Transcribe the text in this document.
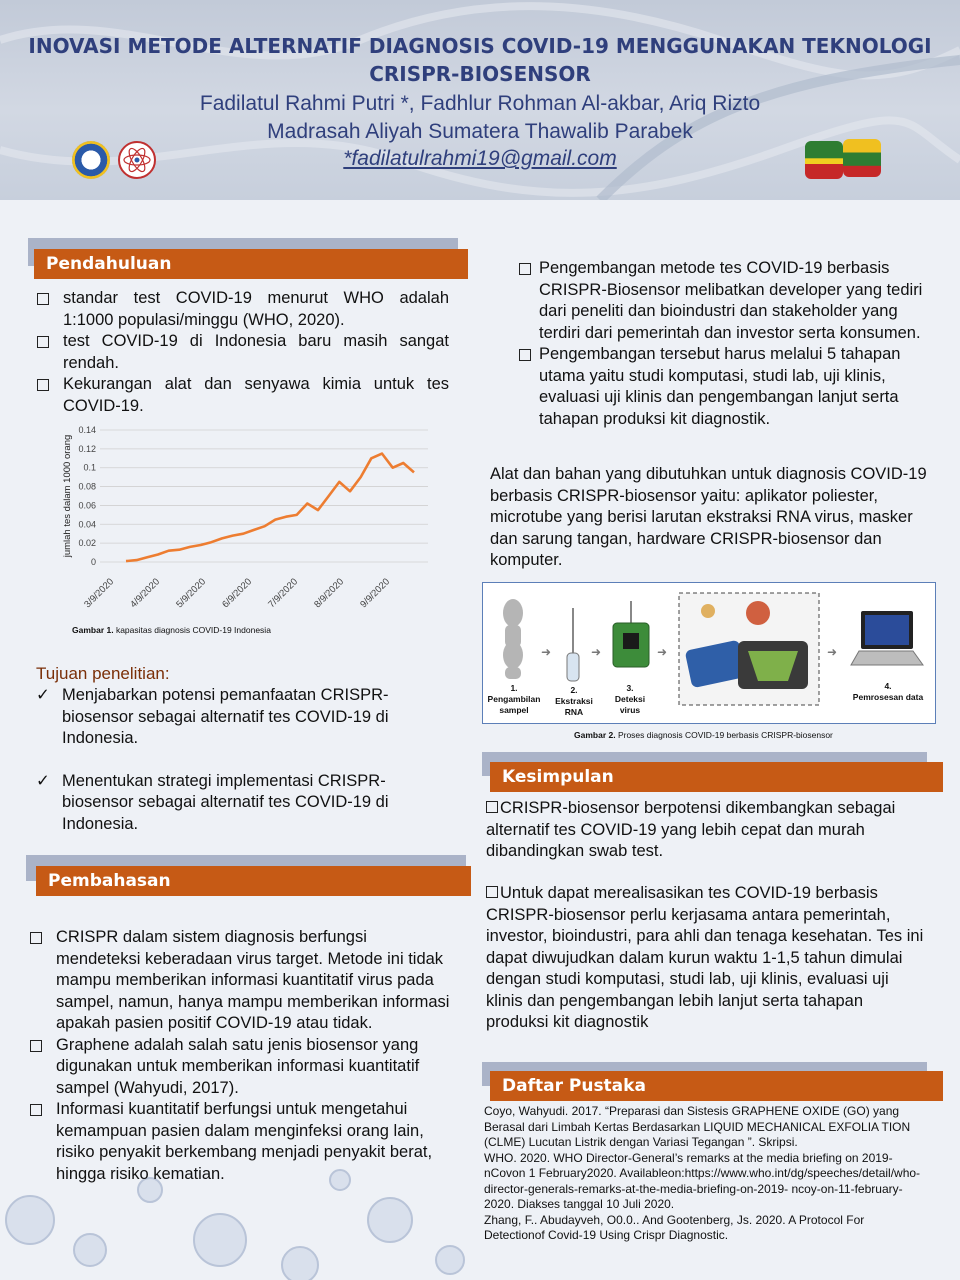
INOVASI METODE ALTERNATIF DIAGNOSIS COVID-19 MENGGUNAKAN TEKNOLOGI
CRISPR-BIOSENSOR
Fadilatul Rahmi Putri *, Fadhlur Rohman Al-akbar, Ariq Rizto
Madrasah Aliyah Sumatera Thawalib Parabek
*fadilatulrahmi19@gmail.com
Pendahuluan
standar test COVID-19 menurut WHO adalah 1:1000 populasi/minggu (WHO, 2020).
test COVID-19 di Indonesia baru masih sangat rendah.
Kekurangan alat dan senyawa kimia untuk tes COVID-19.
0
0.02
0.04
0.06
0.08
0.1
0.12
0.14
3/9/2020 4/9/2020 5/9/2020 6/9/2020 7/9/2020 8/9/2020 9/9/2020
jumlah tes dalam 1000 orang
Gambar 1. kapasitas diagnosis COVID-19 Indonesia
Tujuan penelitian:
✓ Menjabarkan potensi pemanfaatan CRISPR-biosensor sebagai alternatif tes COVID-19 di Indonesia.
✓ Menentukan strategi implementasi CRISPR-biosensor sebagai alternatif tes COVID-19 di Indonesia.
Pembahasan
CRISPR dalam sistem diagnosis berfungsi mendeteksi keberadaan virus target. Metode ini tidak mampu memberikan informasi kuantitatif virus pada sampel, namun, hanya mampu memberikan informasi apakah pasien positif COVID-19 atau tidak.
Graphene adalah salah satu jenis biosensor yang digunakan untuk memberikan informasi kuantitatif sampel (Wahyudi, 2017).
Informasi kuantitatif berfungsi untuk mengetahui kemampuan pasien dalam menginfeksi orang lain, risiko penyakit berkembang menjadi penyakit berat, hingga risiko kematian.
Pengembangan metode tes COVID-19 berbasis CRISPR-Biosensor melibatkan developer yang tediri dari peneliti dan bioindustri dan stakeholder yang terdiri dari pemerintah dan investor serta konsumen.
Pengembangan tersebut harus melalui 5 tahapan utama yaitu studi komputasi, studi lab, uji klinis, evaluasi uji klinis dan pengembangan lanjut serta tahapan produksi kit diagnostik.
Alat dan bahan yang dibutuhkan untuk diagnosis COVID-19 berbasis CRISPR-biosensor yaitu: aplikator poliester, microtube yang berisi larutan ekstraksi RNA virus, masker dan sarung tangan, hardware CRISPR-biosensor dan komputer.
➜	➜	➜	➜
1.
Pengambilan sampel
2.
Ekstraksi RNA
3.
Deteksi virus
4.
Pemrosesan data
Gambar 2. Proses diagnosis COVID-19 berbasis CRISPR-biosensor
Kesimpulan
CRISPR-biosensor berpotensi dikembangkan sebagai alternatif tes COVID-19 yang lebih cepat dan murah dibandingkan swab test.
Untuk dapat merealisasikan tes COVID-19 berbasis CRISPR-biosensor perlu kerjasama antara pemerintah, investor, bioindustri, para ahli dan tenaga kesehatan. Tes ini dapat diwujudkan dalam kurun waktu 1-1,5 tahun dimulai dengan studi komputasi, studi lab, uji klinis, evaluasi uji klinis dan pengembangan lebih lanjut serta tahapan produksi kit diagnostik
Daftar Pustaka
Coyo, Wahyudi. 2017. “Preparasi dan Sistesis GRAPHENE OXIDE (GO) yang Berasal dari Limbah Kertas Berdasarkan LIQUID MECHANICAL EXFOLIA TION (CLME) Lucutan Listrik dengan Variasi Tegangan ”. Skripsi.
WHO. 2020. WHO Director-General’s remarks at the media briefing on 2019-nCovon 1 February2020. Availableon:https://www.who.int/dg/speeches/detail/who-director-generals-remarks-at-the-media-briefing-on-2019- ncoy-on-11-february-2020. Diakses tanggal 10 Juli 2020.
Zhang, F.. Abudayveh, O0.0.. And Gootenberg, Js. 2020. A Protocol For Detectionof Covid-19 Using Crispr Diagnostic.
